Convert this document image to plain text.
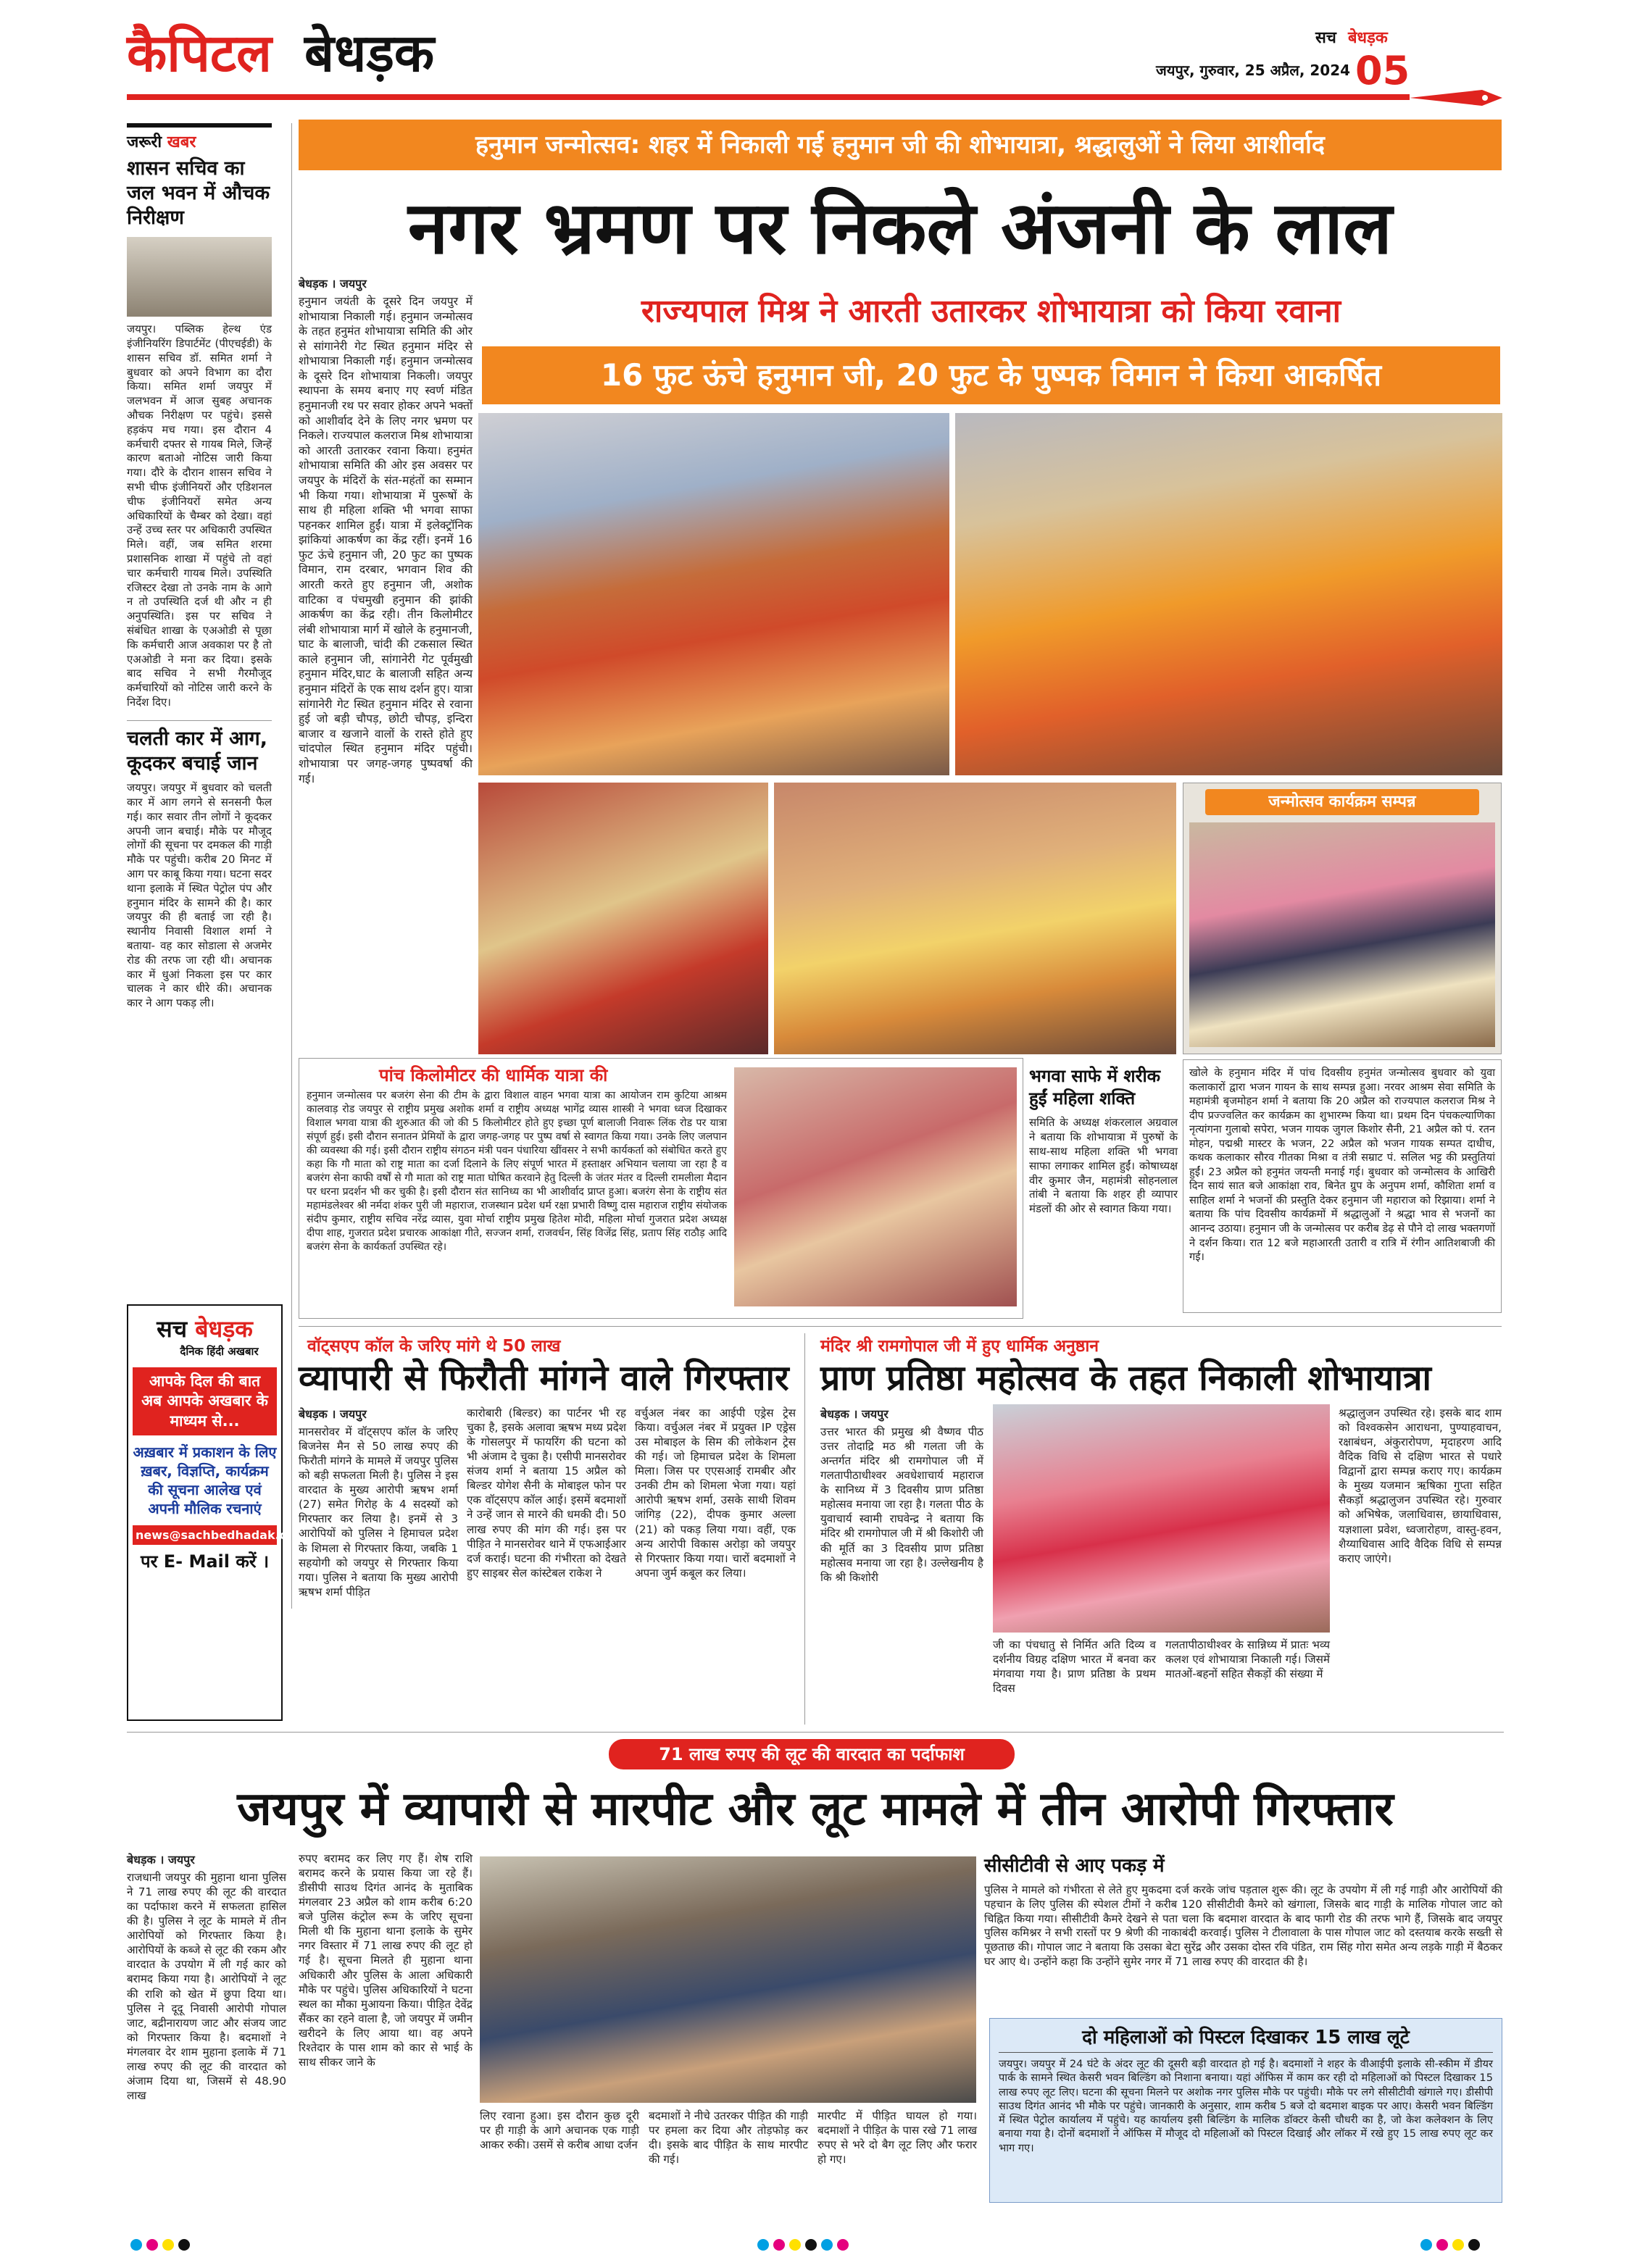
कैपिटल बेधड़क	सच बेधड़क
जयपुर, गुरुवार, 25 अप्रैल, 2024 05
जरूरी खबर
शासन सचिव का जल भवन में औचक निरीक्षण
जयपुर। पब्लिक हेल्थ एंड इंजीनियरिंग डिपार्टमेंट (पीएचईडी) के शासन सचिव डॉ. समित शर्मा ने बुधवार को अपने विभाग का दौरा किया। समित शर्मा जयपुर में जलभवन में आज सुबह अचानक औचक निरीक्षण पर पहुंचे। इससे हड़कंप मच गया। इस दौरान 4 कर्मचारी दफ्तर से गायब मिले, जिन्हें कारण बताओ नोटिस जारी किया गया। दौरे के दौरान शासन सचिव ने सभी चीफ इंजीनियरों और एडिशनल चीफ इंजीनियरों समेत अन्य अधिकारियों के चैम्बर को देखा। वहां उन्हें उच्च स्तर पर अधिकारी उपस्थित मिले। वहीं, जब समित शरमा प्रशासनिक शाखा में पहुंचे तो वहां चार कर्मचारी गायब मिले। उपस्थिति रजिस्टर देखा तो उनके नाम के आगे न तो उपस्थिति दर्ज थी और न ही अनुपस्थिति। इस पर सचिव ने संबंधित शाखा के एअओडी से पूछा कि कर्मचारी आज अवकाश पर है तो एअओडी ने मना कर दिया। इसके बाद सचिव ने सभी गैरमौजूद कर्मचारियों को नोटिस जारी करने के निर्देश दिए।
चलती कार में आग, कूदकर बचाई जान
जयपुर। जयपुर में बुधवार को चलती कार में आग लगने से सनसनी फैल गई। कार सवार तीन लोगों ने कूदकर अपनी जान बचाई। मौके पर मौजूद लोगों की सूचना पर दमकल की गाड़ी मौके पर पहुंची। करीब 20 मिनट में आग पर काबू किया गया। घटना सदर थाना इलाके में स्थित पेट्रोल पंप और हनुमान मंदिर के सामने की है। कार जयपुर की ही बताई जा रही है। स्थानीय निवासी विशाल शर्मा ने बताया- वह कार सोडाला से अजमेर रोड की तरफ जा रही थी। अचानक कार में धुआं निकला इस पर कार चालक ने कार धीरे की। अचानक कार ने आग पकड़ ली।
सच बेधड़क
दैनिक हिंदी अखबार
आपके दिल की बात अब आपके अखबार के माध्यम से...
अख़बार में प्रकाशन के लिए ख़बर, विज्ञप्ति, कार्यक्रम की सूचना आलेख एवं अपनी मौलिक रचनाएं
news@sachbedhadak.com
पर E- Mail करें ।
हनुमान जन्मोत्सव: शहर में निकाली गई हनुमान जी की शोभायात्रा, श्रद्धालुओं ने लिया आशीर्वाद
नगर भ्रमण पर निकले अंजनी के लाल
बेधड़क । जयपुर
हनुमान जयंती के दूसरे दिन जयपुर में शोभायात्रा निकाली गई। हनुमान जन्मोत्सव के तहत हनुमंत शोभायात्रा समिति की ओर से सांगानेरी गेट स्थित हनुमान मंदिर से शोभायात्रा निकाली गई। हनुमान जन्मोत्सव के दूसरे दिन शोभायात्रा निकली। जयपुर स्थापना के समय बनाए गए स्वर्ण मंडित हनुमानजी रथ पर सवार होकर अपने भक्तों को आशीर्वाद देने के लिए नगर भ्रमण पर निकले। राज्यपाल कलराज मिश्र शोभायात्रा को आरती उतारकर रवाना किया। हनुमंत शोभायात्रा समिति की ओर इस अवसर पर जयपुर के मंदिरों के संत-महंतों का सम्मान भी किया गया। शोभायात्रा में पुरूषों के साथ ही महिला शक्ति भी भगवा साफा पहनकर शामिल हुईं। यात्रा में इलेक्ट्रॉनिक झांकियां आकर्षण का केंद्र रहीं। इनमें 16 फुट ऊंचे हनुमान जी, 20 फुट का पुष्पक विमान, राम दरबार, भगवान शिव की आरती करते हुए हनुमान जी, अशोक वाटिका व पंचमुखी हनुमान की झांकी आकर्षण का केंद्र रही। तीन किलोमीटर लंबी शोभायात्रा मार्ग में खोले के हनुमानजी, घाट के बालाजी, चांदी की टकसाल स्थित काले हनुमान जी, सांगानेरी गेट पूर्वमुखी हनुमान मंदिर,घाट के बालाजी सहित अन्य हनुमान मंदिरों के एक साथ दर्शन हुए। यात्रा सांगानेरी गेट स्थित हनुमान मंदिर से रवाना हुई जो बड़ी चौपड़, छोटी चौपड़, इन्दिरा बाजार व खजाने वालों के रास्ते होते हुए चांदपोल स्थित हनुमान मंदिर पहुंची। शोभायात्रा पर जगह-जगह पुष्पवर्षा की गई।
राज्यपाल मिश्र ने आरती उतारकर शोभायात्रा को किया रवाना
16 फुट ऊंचे हनुमान जी, 20 फुट के पुष्पक विमान ने किया आकर्षित
जन्मोत्सव कार्यक्रम सम्पन्न
पांच किलोमीटर की धार्मिक यात्रा की
हनुमान जन्मोत्सव पर बजरंग सेना की टीम के द्वारा विशाल वाहन भगवा यात्रा का आयोजन राम कुटिया आश्रम कालवाड़ रोड जयपुर से राष्ट्रीय प्रमुख अशोक शर्मा व राष्ट्रीय अध्यक्ष भागेंद्र व्यास शास्त्री ने भगवा ध्वज दिखाकर विशाल भगवा यात्रा की शुरुआत की जो की 5 किलोमीटर होते हुए इच्छा पूर्ण बालाजी निवारू लिंक रोड पर यात्रा संपूर्ण हुई। इसी दौरान सनातन प्रेमियों के द्वारा जगह-जगह पर पुष्प वर्षा से स्वागत किया गया। उनके लिए जलपान की व्यवस्था की गई। इसी दौरान राष्ट्रीय संगठन मंत्री पवन पंधारिया खींवसर ने सभी कार्यकर्ता को संबोधित करते हुए कहा कि गौ माता को राष्ट्र माता का दर्जा दिलाने के लिए संपूर्ण भारत में हस्ताक्षर अभियान चलाया जा रहा है व बजरंग सेना काफी वर्षों से गौ माता को राष्ट्र माता घोषित करवाने हेतु दिल्ली के जंतर मंतर व दिल्ली रामलीला मैदान पर धरना प्रदर्शन भी कर चुकी है। इसी दौरान संत सानिध्य का भी आशीर्वाद प्राप्त हुआ। बजरंग सेना के राष्ट्रीय संत महामंडलेश्वर श्री नर्मदा शंकर पुरी जी महाराज, राजस्थान प्रदेश धर्म रक्षा प्रभारी विष्णु दास महाराज राष्ट्रीय संयोजक संदीप कुमार, राष्ट्रीय सचिव नरेंद्र व्यास, युवा मोर्चा राष्ट्रीय प्रमुख हितेश मोदी, महिला मोर्चा गुजरात प्रदेश अध्यक्ष दीपा शाह, गुजरात प्रदेश प्रचारक आकांक्षा गीते, सज्जन शर्मा, राजवर्धन, सिंह विजेंद्र सिंह, प्रताप सिंह राठौड़ आदि बजरंग सेना के कार्यकर्ता उपस्थित रहे।
भगवा साफे में शरीक हुईं महिला शक्ति
समिति के अध्यक्ष शंकरलाल अग्रवाल ने बताया कि शोभायात्रा में पुरुषों के साथ-साथ महिला शक्ति भी भगवा साफा लगाकर शामिल हुईं। कोषाध्यक्ष वीर कुमार जैन, महामंत्री सोहनलाल तांबी ने बताया कि शहर ही व्यापार मंडलों की ओर से स्वागत किया गया।
खोले के हनुमान मंदिर में पांच दिवसीय हनुमंत जन्मोत्सव बुधवार को युवा कलाकारों द्वारा भजन गायन के साथ सम्पन्न हुआ। नरवर आश्रम सेवा समिति के महामंत्री बृजमोहन शर्मा ने बताया कि 20 अप्रैल को राज्यपाल कलराज मिश्र ने दीप प्रज्ज्वलित कर कार्यक्रम का शुभारम्भ किया था। प्रथम दिन पंचकल्याणिका नृत्यांगना गुलाबो सपेरा, भजन गायक जुगल किशोर सैनी, 21 अप्रैल को पं. रतन मोहन, पद्मश्री मास्टर के भजन, 22 अप्रैल को भजन गायक सम्पत दाधीच, कथक कलाकार सौरव गीतका मिश्रा व तंत्री सम्राट पं. सलिल भट्ट की प्रस्तुतियां हुईं। 23 अप्रैल को हनुमंत जयन्ती मनाई गई। बुधवार को जन्मोत्सव के आखिरी दिन सायं सात बजे आकांक्षा राव, बिनेत ग्रुप के अनुपम शर्मा, कौशिता शर्मा व साहिल शर्मा ने भजनों की प्रस्तुति देकर हनुमान जी महाराज को रिझाया। शर्मा ने बताया कि पांच दिवसीय कार्यक्रमों में श्रद्धालुओं ने श्रद्धा भाव से भजनों का आनन्द उठाया। हनुमान जी के जन्मोत्सव पर करीब डेढ़ से पौने दो लाख भक्तगणों ने दर्शन किया। रात 12 बजे महाआरती उतारी व रात्रि में रंगीन आतिशबाजी की गई।
वॉट्सएप कॉल के जरिए मांगे थे 50 लाख
व्यापारी से फिरौती मांगने वाले गिरफ्तार
बेधड़क । जयपुर
मानसरोवर में वॉट्सएप कॉल के जरिए बिजनेस मैन से 50 लाख रुपए की फिरौती मांगने के मामले में जयपुर पुलिस को बड़ी सफलता मिली है। पुलिस ने इस वारदात के मुख्य आरोपी ऋषभ शर्मा (27) समेत गिरोह के 4 सदस्यों को गिरफ्तार कर लिया है। इनमें से 3 आरोपियों को पुलिस ने हिमाचल प्रदेश के शिमला से गिरफ्तार किया, जबकि 1 सहयोगी को जयपुर से गिरफ्तार किया गया। पुलिस ने बताया कि मुख्य आरोपी ऋषभ शर्मा पीड़ित
कारोबारी (बिल्डर) का पार्टनर भी रह चुका है, इसके अलावा ऋषभ मध्य प्रदेश के गोसलपुर में फायरिंग की घटना को भी अंजाम दे चुका है। एसीपी मानसरोवर संजय शर्मा ने बताया 15 अप्रैल को बिल्डर योगेश सैनी के मोबाइल फोन पर एक वॉट्सएप कॉल आई। इसमें बदमाशों ने उन्हें जान से मारने की धमकी दी। 50 लाख रुपए की मांग की गई। इस पर पीड़ित ने मानसरोवर थाने में एफआईआर दर्ज कराई। घटना की गंभीरता को देखते हुए साइबर सेल कांस्टेबल राकेश ने
वर्चुअल नंबर का आईपी एड्रेस ट्रेस किया। वर्चुअल नंबर में प्रयुक्त IP एड्रेस उस मोबाइल के सिम की लोकेशन ट्रेस की गई। जो हिमाचल प्रदेश के शिमला मिला। जिस पर एएसआई रामबीर और उनकी टीम को शिमला भेजा गया। यहां आरोपी ऋषभ शर्मा, उसके साथी शिवम जांगिड़ (22), दीपक कुमार अल्ला (21) को पकड़ लिया गया। वहीं, एक अन्य आरोपी विकास अरोड़ा को जयपुर से गिरफ्तार किया गया। चारों बदमाशों ने अपना जुर्म कबूल कर लिया।
मंदिर श्री रामगोपाल जी में हुए धार्मिक अनुष्ठान
प्राण प्रतिष्ठा महोत्सव के तहत निकाली शोभायात्रा
बेधड़क । जयपुर
उत्तर भारत की प्रमुख श्री वैष्णव पीठ उत्तर तोदाद्रि मठ श्री गलता जी के अन्तर्गत मंदिर श्री रामगोपाल जी में गलतापीठाधीश्वर अवधेशाचार्य महाराज के सानिध्य में 3 दिवसीय प्राण प्रतिष्ठा महोत्सव मनाया जा रहा है। गलता पीठ के युवाचार्य स्वामी राघवेन्द्र ने बताया कि मंदिर श्री रामगोपाल जी में श्री किशोरी जी की मूर्ति का 3 दिवसीय प्राण प्रतिष्ठा महोत्सव मनाया जा रहा है। उल्लेखनीय है कि श्री किशोरी
जी का पंचधातु से निर्मित अति दिव्य व दर्शनीय विग्रह दक्षिण भारत में बनवा कर मंगवाया गया है। प्राण प्रतिष्ठा के प्रथम दिवस
गलतापीठाधीश्वर के सान्निध्य में प्रातः भव्य कलश एवं शोभायात्रा निकाली गई। जिसमें मातओं-बहनों सहित सैकड़ों की संख्या में
श्रद्धालुजन उपस्थित रहे। इसके बाद शाम को विश्वकसेन आराधना, पुण्याहवाचन, रक्षाबंधन, अंकुरारोपण, मृदाहरण आदि वैदिक विधि से दक्षिण भारत से पधारे विद्वानों द्वारा सम्पन्न कराए गए। कार्यक्रम के मुख्य यजमान ऋषिका गुप्ता सहित सैकड़ों श्रद्धालुजन उपस्थित रहे। गुरुवार को अभिषेक, जलाधिवास, छायाधिवास, यज्ञशाला प्रवेश, ध्वजारोहण, वास्तु-हवन, शैय्याधिवास आदि वैदिक विधि से सम्पन्न कराए जाएंगे।
71 लाख रुपए की लूट की वारदात का पर्दाफाश
जयपुर में व्यापारी से मारपीट और लूट मामले में तीन आरोपी गिरफ्तार
बेधड़क । जयपुर
राजधानी जयपुर की मुहाना थाना पुलिस ने 71 लाख रुपए की लूट की वारदात का पर्दाफाश करने में सफलता हासिल की है। पुलिस ने लूट के मामले में तीन आरोपियों को गिरफ्तार किया है। आरोपियों के कब्जे से लूट की रकम और वारदात के उपयोग में ली गई कार को बरामद किया गया है। आरोपियों ने लूट की राशि को खेत में छुपा दिया था। पुलिस ने दूदू निवासी आरोपी गोपाल जाट, बद्रीनारायण जाट और संजय जाट को गिरफ्तार किया है। बदमाशों ने मंगलवार देर शाम मुहाना इलाके में 71 लाख रुपए की लूट की वारदात को अंजाम दिया था, जिसमें से 48.90 लाख
रुपए बरामद कर लिए गए हैं। शेष राशि बरामद करने के प्रयास किया जा रहे हैं। डीसीपी साउथ दिगंत आनंद के मुताबिक मंगलवार 23 अप्रैल को शाम करीब 6:20 बजे पुलिस कंट्रोल रूम के जरिए सूचना मिली थी कि मुहाना थाना इलाके के सुमेर नगर विस्तार में 71 लाख रुपए की लूट हो गई है। सूचना मिलते ही मुहाना थाना अधिकारी और पुलिस के आला अधिकारी मौके पर पहुंचे। पुलिस अधिकारियों ने घटना स्थल का मौका मुआयना किया। पीड़ित देवेंद्र सैंकर का रहने वाला है, जो जयपुर में जमीन खरीदने के लिए आया था। वह अपने रिश्तेदार के पास शाम को कार से भाई के साथ सीकर जाने के
लिए रवाना हुआ। इस दौरान कुछ दूरी पर ही गाड़ी के आगे अचानक एक गाड़ी आकर रुकी। उसमें से करीब आधा दर्जन
बदमाशों ने नीचे उतरकर पीड़ित की गाड़ी पर हमला कर दिया और तोड़फोड़ कर दी। इसके बाद पीड़ित के साथ मारपीट की गई।
मारपीट में पीड़ित घायल हो गया। बदमाशों ने पीड़ित के पास रखे 71 लाख रुपए से भरे दो बैग लूट लिए और फरार हो गए।
सीसीटीवी से आए पकड़ में
पुलिस ने मामले को गंभीरता से लेते हुए मुकदमा दर्ज करके जांच पड़ताल शुरू की। लूट के उपयोग में ली गई गाड़ी और आरोपियों की पहचान के लिए पुलिस की स्पेशल टीमों ने करीब 120 सीसीटीवी कैमरे को खंगाला, जिसके बाद गाड़ी के मालिक गोपाल जाट को चिह्नित किया गया। सीसीटीवी कैमरे देखने से पता चला कि बदमाश वारदात के बाद फागी रोड की तरफ भागे हैं, जिसके बाद जयपुर पुलिस कमिश्नर ने सभी रास्तों पर 9 श्रेणी की नाकाबंदी करवाई। पुलिस ने टीलावाला के पास गोपाल जाट को दस्तयाब करके सख्ती से पूछताछ की। गोपाल जाट ने बताया कि उसका बेटा सुरेंद्र और उसका दोस्त रवि पंडित, राम सिंह गोरा समेत अन्य लड़के गाड़ी में बैठकर घर आए थे। उन्होंने कहा कि उन्होंने सुमेर नगर में 71 लाख रुपए की वारदात की है।
दो महिलाओं को पिस्टल दिखाकर 15 लाख लूटे
जयपुर। जयपुर में 24 घंटे के अंदर लूट की दूसरी बड़ी वारदात हो गई है। बदमाशों ने शहर के वीआईपी इलाके सी-स्कीम में डीयर पार्क के सामने स्थित केसरी भवन बिल्डिंग को निशाना बनाया। यहां ऑफिस में काम कर रही दो महिलाओं को पिस्टल दिखाकर 15 लाख रुपए लूट लिए। घटना की सूचना मिलने पर अशोक नगर पुलिस मौके पर पहुंची। मौके पर लगे सीसीटीवी खंगाले गए। डीसीपी साउथ दिगंत आनंद भी मौके पर पहुंचे। जानकारी के अनुसार, शाम करीब 5 बजे दो बदमाश बाइक पर आए। केसरी भवन बिल्डिंग में स्थित पेट्रोल कार्यालय में पहुंचे। यह कार्यालय इसी बिल्डिंग के मालिक डॉक्टर केसी चौधरी का है, जो केश कलेक्शन के लिए बनाया गया है। दोनों बदमाशों ने ऑफिस में मौजूद दो महिलाओं को पिस्टल दिखाई और लॉकर में रखे हुए 15 लाख रुपए लूट कर भाग गए।
